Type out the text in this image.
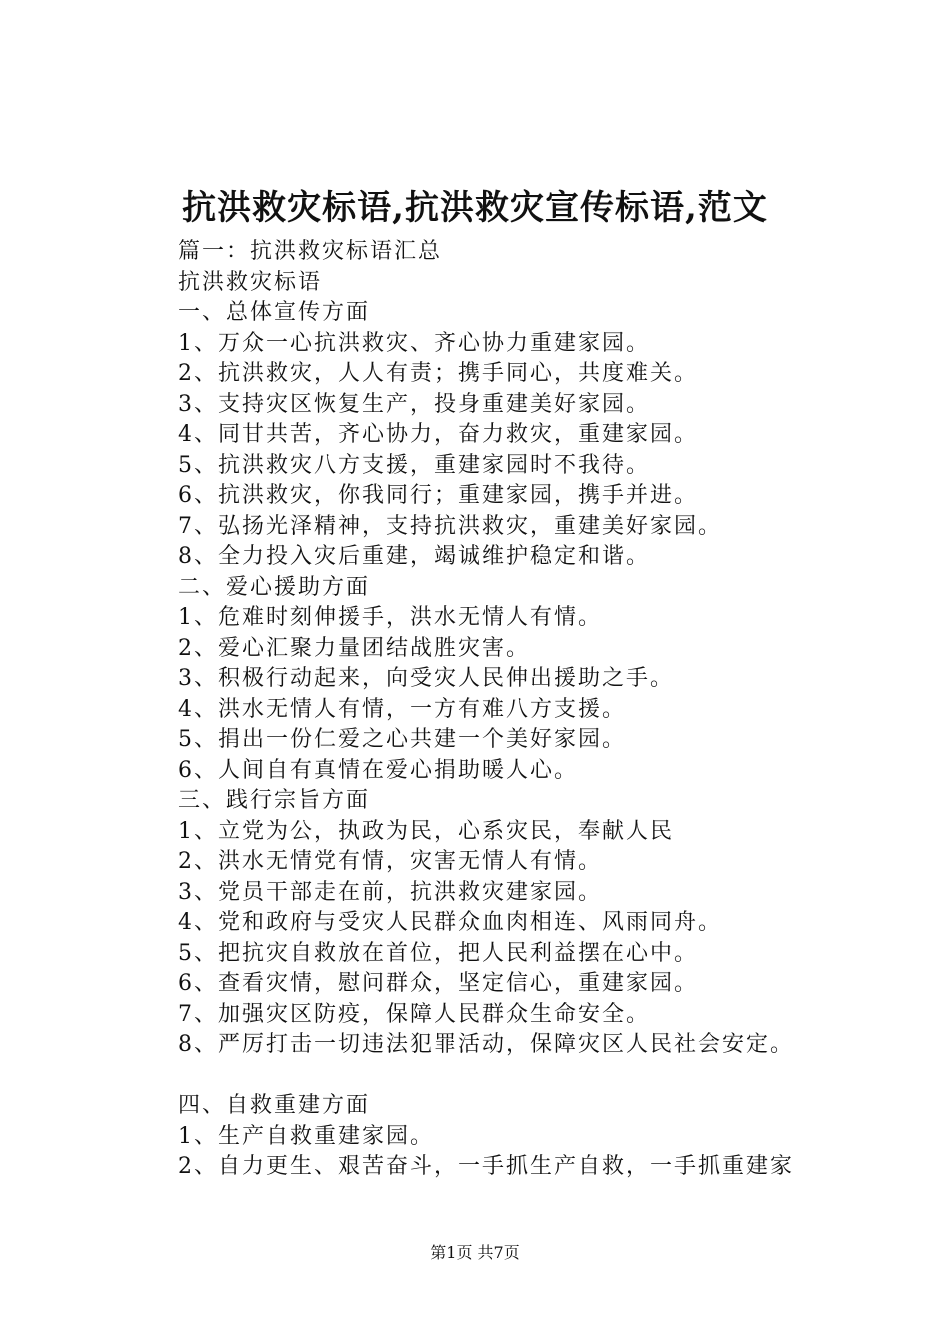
抗洪救灾标语,抗洪救灾宣传标语,范文
篇一：抗洪救灾标语汇总
抗洪救灾标语
一、总体宣传方面
1、万众一心抗洪救灾、齐心协力重建家园。
2、抗洪救灾，人人有责；携手同心，共度难关。
3、支持灾区恢复生产，投身重建美好家园。
4、同甘共苦，齐心协力，奋力救灾，重建家园。
5、抗洪救灾八方支援，重建家园时不我待。
6、抗洪救灾，你我同行；重建家园，携手并进。
7、弘扬光泽精神，支持抗洪救灾，重建美好家园。
8、全力投入灾后重建，竭诚维护稳定和谐。
二、爱心援助方面
1、危难时刻伸援手，洪水无情人有情。
2、爱心汇聚力量团结战胜灾害。
3、积极行动起来，向受灾人民伸出援助之手。
4、洪水无情人有情，一方有难八方支援。
5、捐出一份仁爱之心共建一个美好家园。
6、人间自有真情在爱心捐助暖人心。
三、践行宗旨方面
1、立党为公，执政为民，心系灾民，奉献人民
2、洪水无情党有情，灾害无情人有情。
3、党员干部走在前，抗洪救灾建家园。
4、党和政府与受灾人民群众血肉相连、风雨同舟。
5、把抗灾自救放在首位，把人民利益摆在心中。
6、查看灾情，慰问群众，坚定信心，重建家园。
7、加强灾区防疫，保障人民群众生命安全。
8、严厉打击一切违法犯罪活动，保障灾区人民社会安定。
四、自救重建方面
1、生产自救重建家园。
2、自力更生、艰苦奋斗，一手抓生产自救，一手抓重建家
第1页 共7页
